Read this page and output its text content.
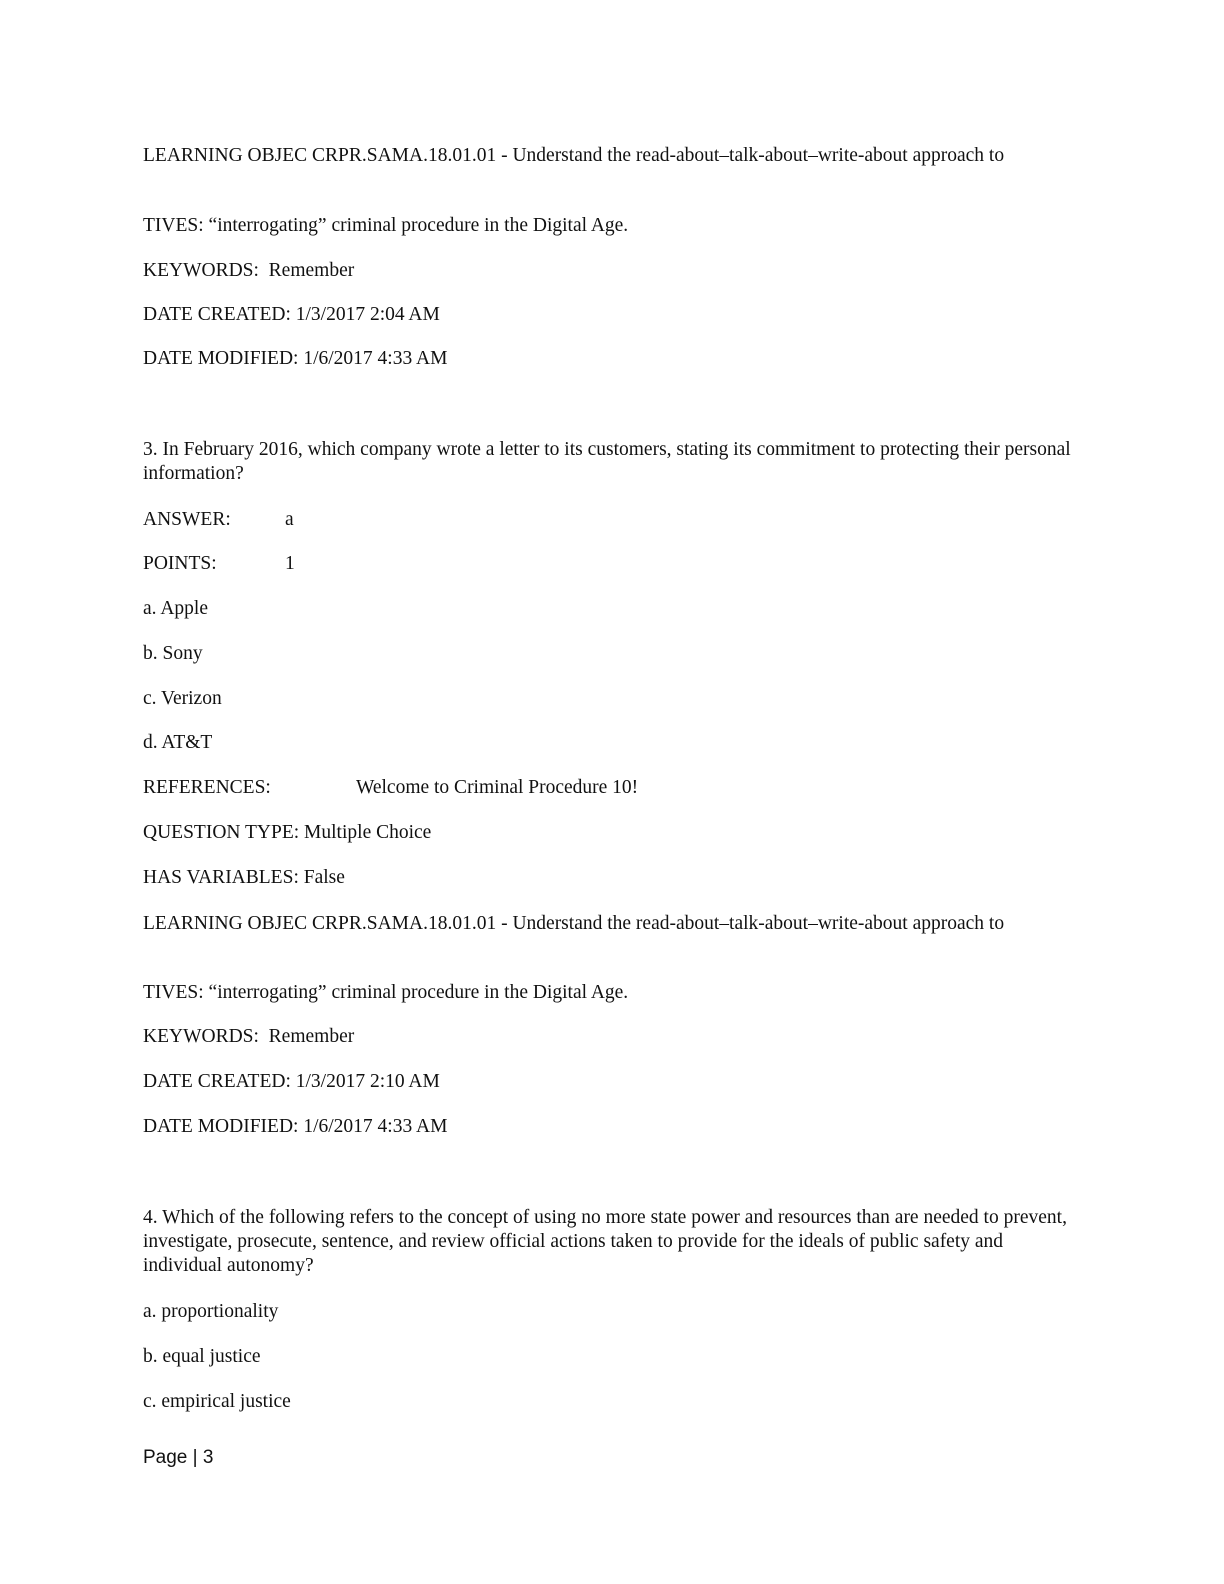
LEARNING OBJEC CRPR.SAMA.18.01.01 - Understand the read-about–talk-about–write-about approach to
TIVES: “interrogating” criminal procedure in the Digital Age.
KEYWORDS: Remember
DATE CREATED: 1/3/2017 2:04 AM
DATE MODIFIED: 1/6/2017 4:33 AM
3. In February 2016, which company wrote a letter to its customers, stating its commitment to protecting their personal information?
ANSWER:	a
POINTS:	1
a. Apple
b. Sony
c. Verizon
d. AT&T
REFERENCES:	Welcome to Criminal Procedure 10!
QUESTION TYPE: Multiple Choice
HAS VARIABLES: False
LEARNING OBJEC CRPR.SAMA.18.01.01 - Understand the read-about–talk-about–write-about approach to
TIVES: “interrogating” criminal procedure in the Digital Age.
KEYWORDS: Remember
DATE CREATED: 1/3/2017 2:10 AM
DATE MODIFIED: 1/6/2017 4:33 AM
4. Which of the following refers to the concept of using no more state power and resources than are needed to prevent, investigate, prosecute, sentence, and review official actions taken to provide for the ideals of public safety and individual autonomy?
a. proportionality
b. equal justice
c. empirical justice
Page | 3
